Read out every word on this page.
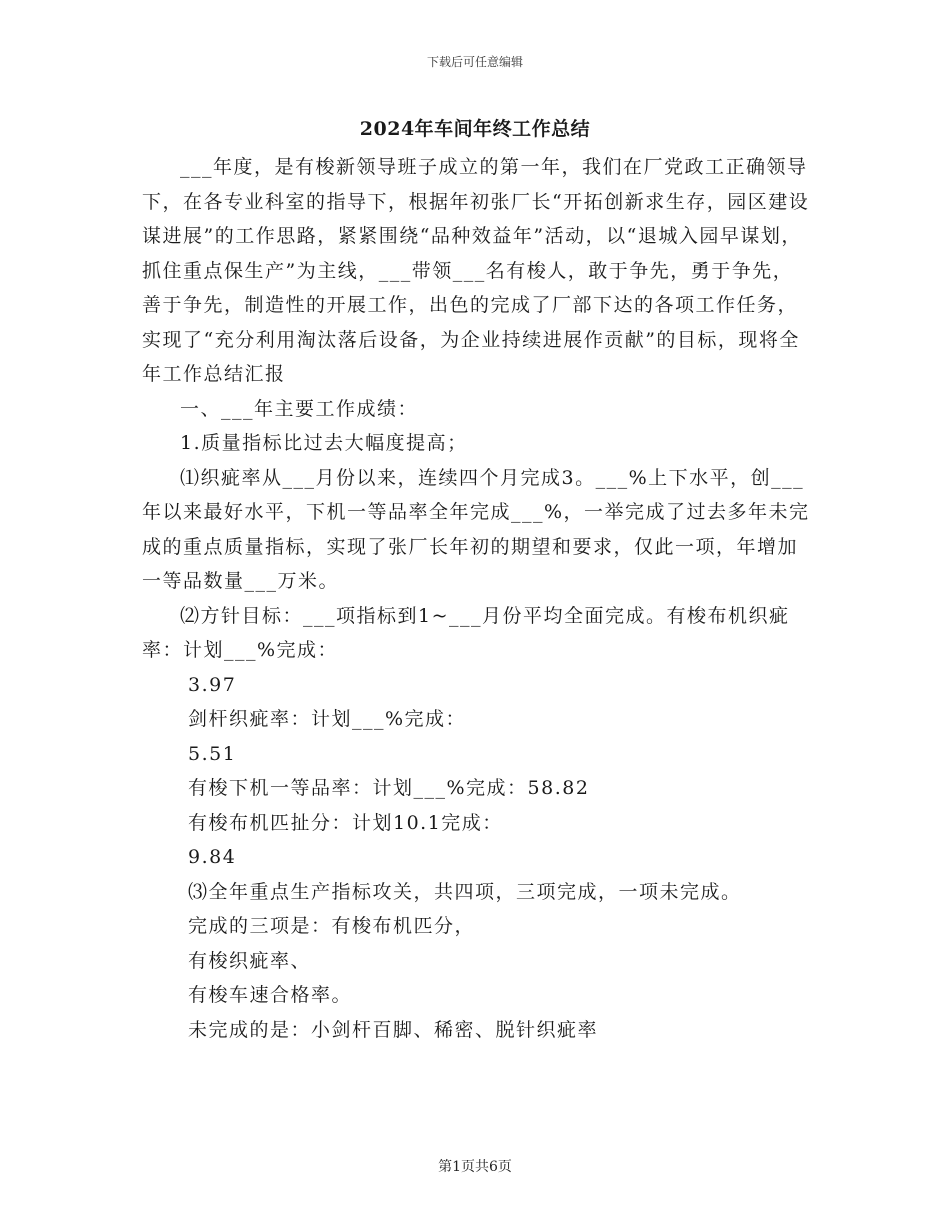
下载后可任意编辑
2024年车间年终工作总结

___年度，是有梭新领导班子成立的第一年，我们在厂党政工正确领导下，在各专业科室的指导下，根据年初张厂长“开拓创新求生存，园区建设谋进展”的工作思路，紧紧围绕“品种效益年”活动，以“退城入园早谋划，抓住重点保生产”为主线，___带领___名有梭人，敢于争先，勇于争先，善于争先，制造性的开展工作，出色的完成了厂部下达的各项工作任务，实现了“充分利用淘汰落后设备，为企业持续进展作贡献”的目标，现将全年工作总结汇报

一、___年主要工作成绩：

1.质量指标比过去大幅度提高；

⑴织疵率从___月份以来，连续四个月完成3。___%上下水平，创___年以来最好水平，下机一等品率全年完成___%，一举完成了过去多年未完成的重点质量指标，实现了张厂长年初的期望和要求，仅此一项，年增加一等品数量___万米。

⑵方针目标：___项指标到1~___月份平均全面完成。有梭布机织疵率：计划___%完成：

3.97

剑杆织疵率：计划___%完成：

5.51

有梭下机一等品率：计划___%完成：58.82

有梭布机匹扯分：计划10.1完成：

9.84

⑶全年重点生产指标攻关，共四项，三项完成，一项未完成。

完成的三项是：有梭布机匹分，

有梭织疵率、

有梭车速合格率。

未完成的是：小剑杆百脚、稀密、脱针织疵率

第1页共6页
